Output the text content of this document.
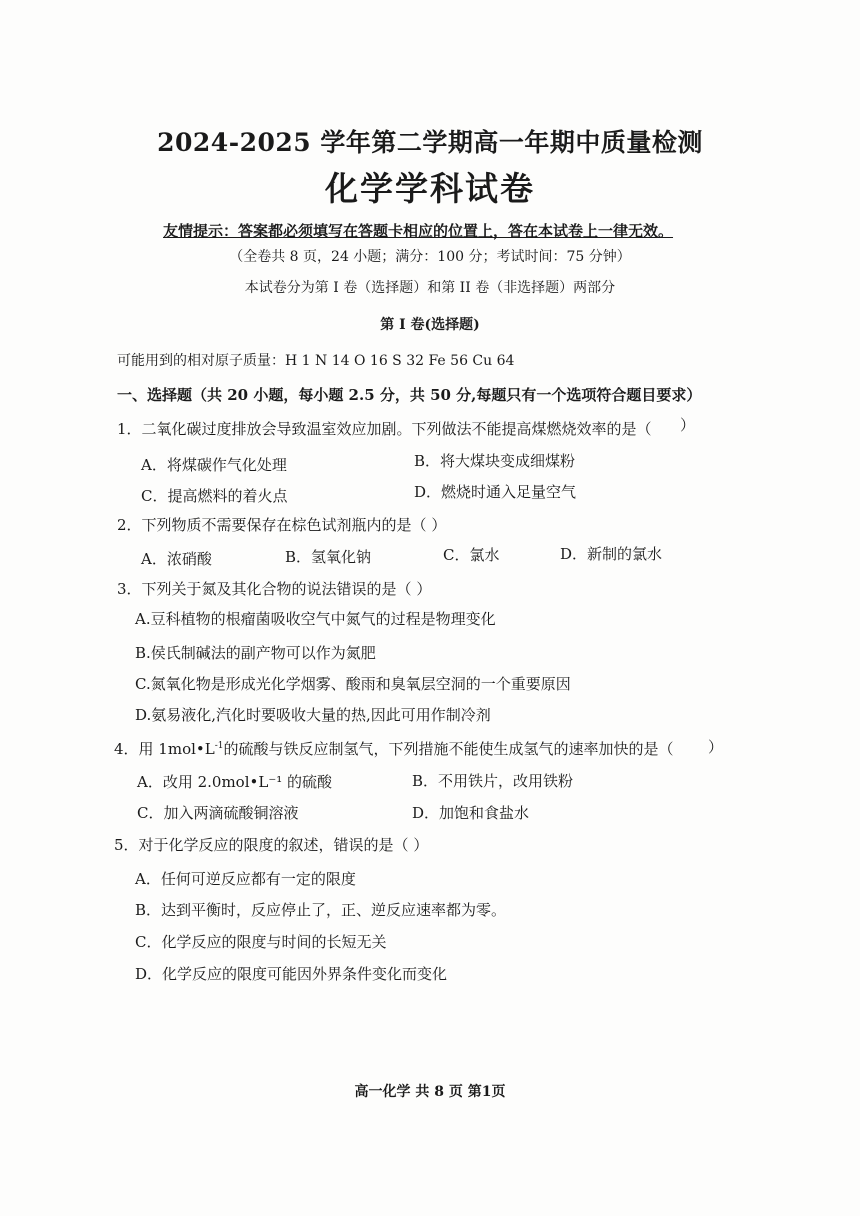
2024-2025 学年第二学期高一年期中质量检测
化学学科试卷
友情提示：答案都必须填写在答题卡相应的位置上，答在本试卷上一律无效。
（全卷共 8 页，24 小题；满分：100 分；考试时间：75 分钟）
本试卷分为第 I 卷（选择题）和第 II 卷（非选择题）两部分
第 I 卷(选择题)
可能用到的相对原子质量：H 1 N 14 O 16 S 32 Fe 56 Cu 64
一、选择题（共 20 小题，每小题 2.5 分，共 50 分,每题只有一个选项符合题目要求）
1．二氧化碳过度排放会导致温室效应加剧。下列做法不能提高煤燃烧效率的是（ ）
A．将煤碳作气化处理	B．将大煤块变成细煤粉
C．提高燃料的着火点	D．燃烧时通入足量空气
2．下列物质不需要保存在棕色试剂瓶内的是（ ）
A．浓硝酸	B．氢氧化钠	C．氯水	D．新制的氯水
3．下列关于氮及其化合物的说法错误的是（ ）
A.豆科植物的根瘤菌吸收空气中氮气的过程是物理变化
B.侯氏制碱法的副产物可以作为氮肥
C.氮氧化物是形成光化学烟雾、酸雨和臭氧层空洞的一个重要原因
D.氨易液化,汽化时要吸收大量的热,因此可用作制冷剂
4．用 $1mol•L^{-1}$的硫酸与铁反应制氢气，下列措施不能使生成氢气的速率加快的是（ ）
A．改用 2.0mol•L⁻¹ 的硫酸	B．不用铁片，改用铁粉
C．加入两滴硫酸铜溶液	D．加饱和食盐水
5．对于化学反应的限度的叙述，错误的是（ ）
A．任何可逆反应都有一定的限度
B．达到平衡时，反应停止了，正、逆反应速率都为零。
C．化学反应的限度与时间的长短无关
D．化学反应的限度可能因外界条件变化而变化
高一化学 共 8 页 第1页
